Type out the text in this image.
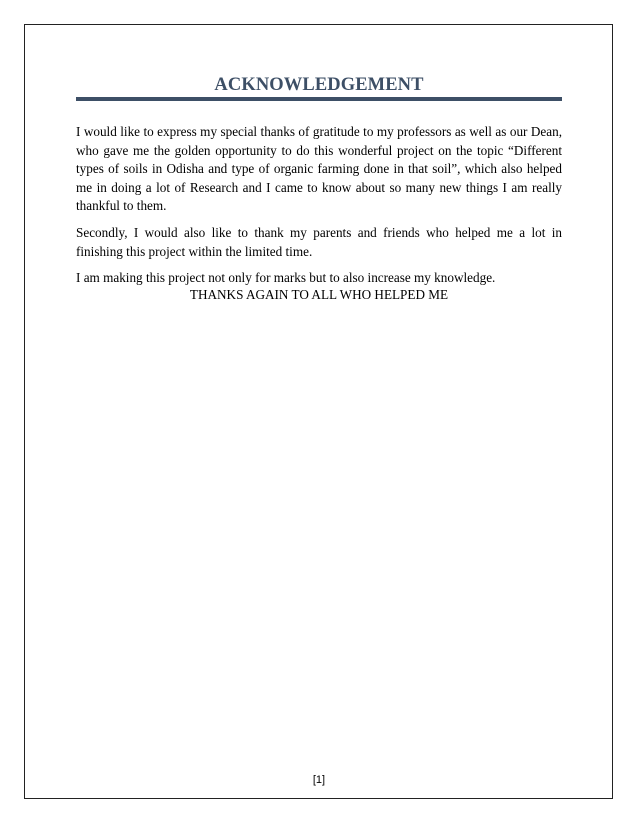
ACKNOWLEDGEMENT

I would like to express my special thanks of gratitude to my professors as well as our Dean, who gave me the golden opportunity to do this wonderful project on the topic “Different types of soils in Odisha and type of organic farming done in that soil”, which also helped me in doing a lot of Research and I came to know about so many new things I am really thankful to them.

Secondly, I would also like to thank my parents and friends who helped me a lot in finishing this project within the limited time.

I am making this project not only for marks but to also increase my knowledge.

THANKS AGAIN TO ALL WHO HELPED ME
[1]
